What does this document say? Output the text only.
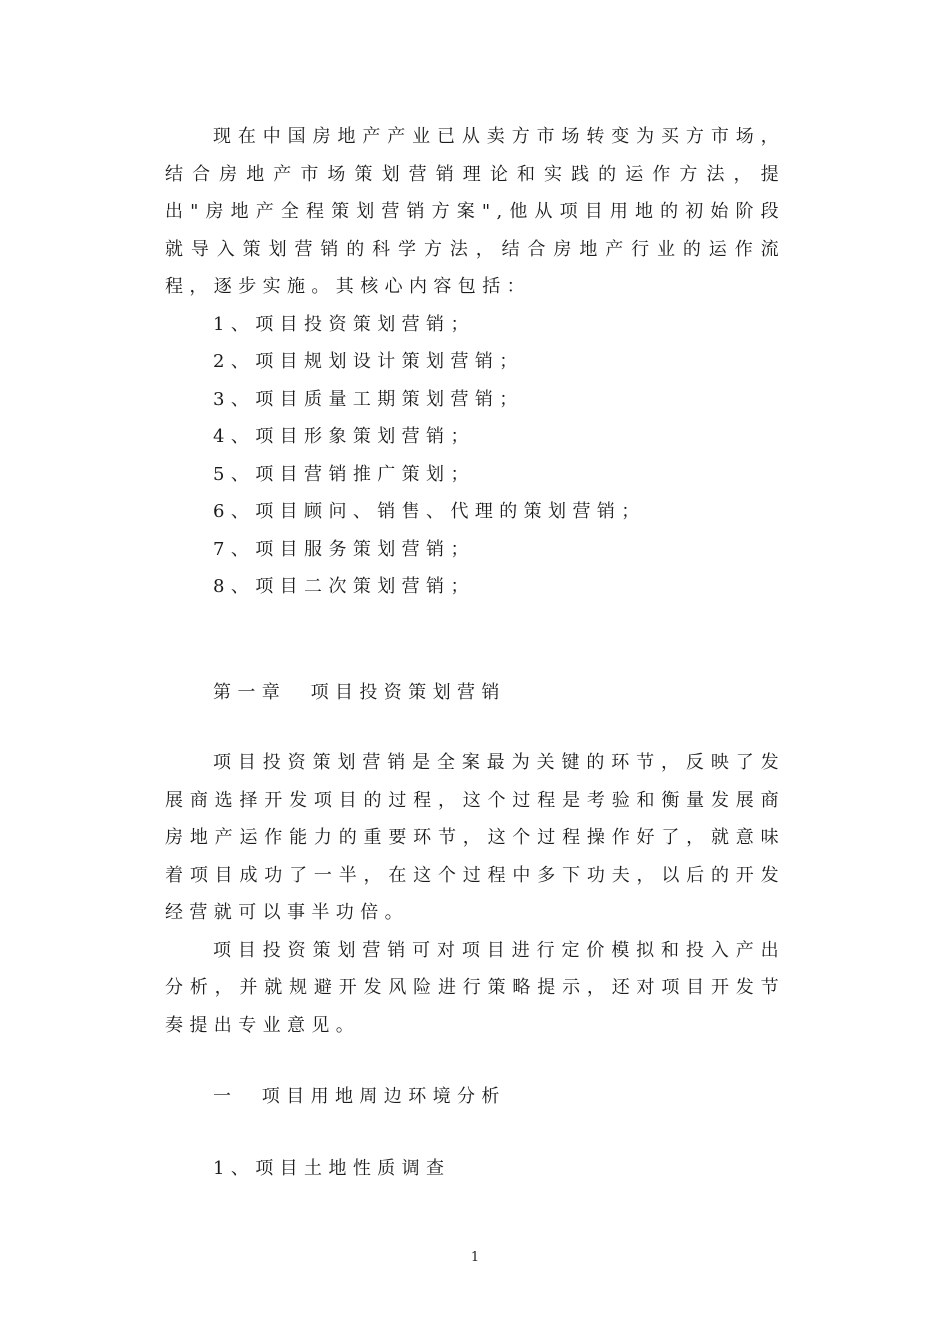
现在中国房地产产业已从卖方市场转变为买方市场，结合房地产市场策划营销理论和实践的运作方法，提出"房地产全程策划营销方案",他从项目用地的初始阶段就导入策划营销的科学方法，结合房地产行业的运作流程，逐步实施。其核心内容包括：

1、项目投资策划营销；
2、项目规划设计策划营销；
3、项目质量工期策划营销；
4、项目形象策划营销；
5、项目营销推广策划；
6、项目顾问、销售、代理的策划营销；
7、项目服务策划营销；
8、项目二次策划营销；

第一章　项目投资策划营销

项目投资策划营销是全案最为关键的环节，反映了发展商选择开发项目的过程，这个过程是考验和衡量发展商房地产运作能力的重要环节，这个过程操作好了，就意味着项目成功了一半，在这个过程中多下功夫，以后的开发经营就可以事半功倍。

项目投资策划营销可对项目进行定价模拟和投入产出分析，并就规避开发风险进行策略提示，还对项目开发节奏提出专业意见。

一　项目用地周边环境分析

1、项目土地性质调查

1
